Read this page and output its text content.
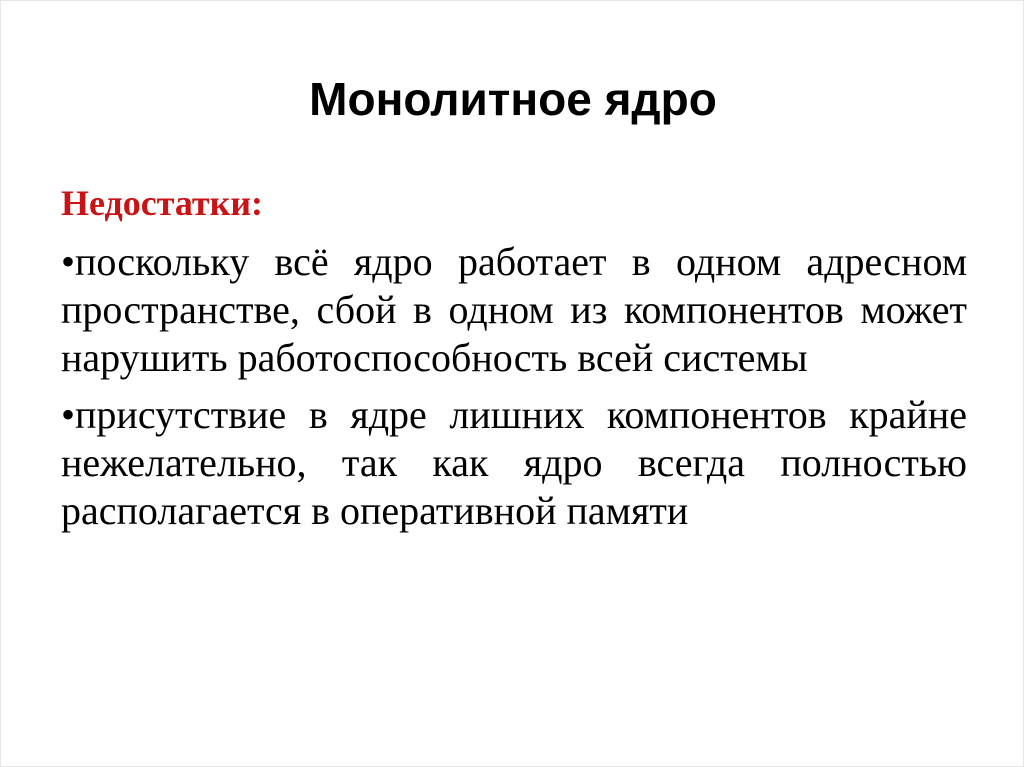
Монолитное ядро
Недостатки:
•поскольку всё ядро работает в одном адресном пространстве, сбой в одном из компонентов может нарушить работоспособность всей системы
•присутствие в ядре лишних компонентов крайне нежелательно, так как ядро всегда полностью располагается в оперативной памяти
